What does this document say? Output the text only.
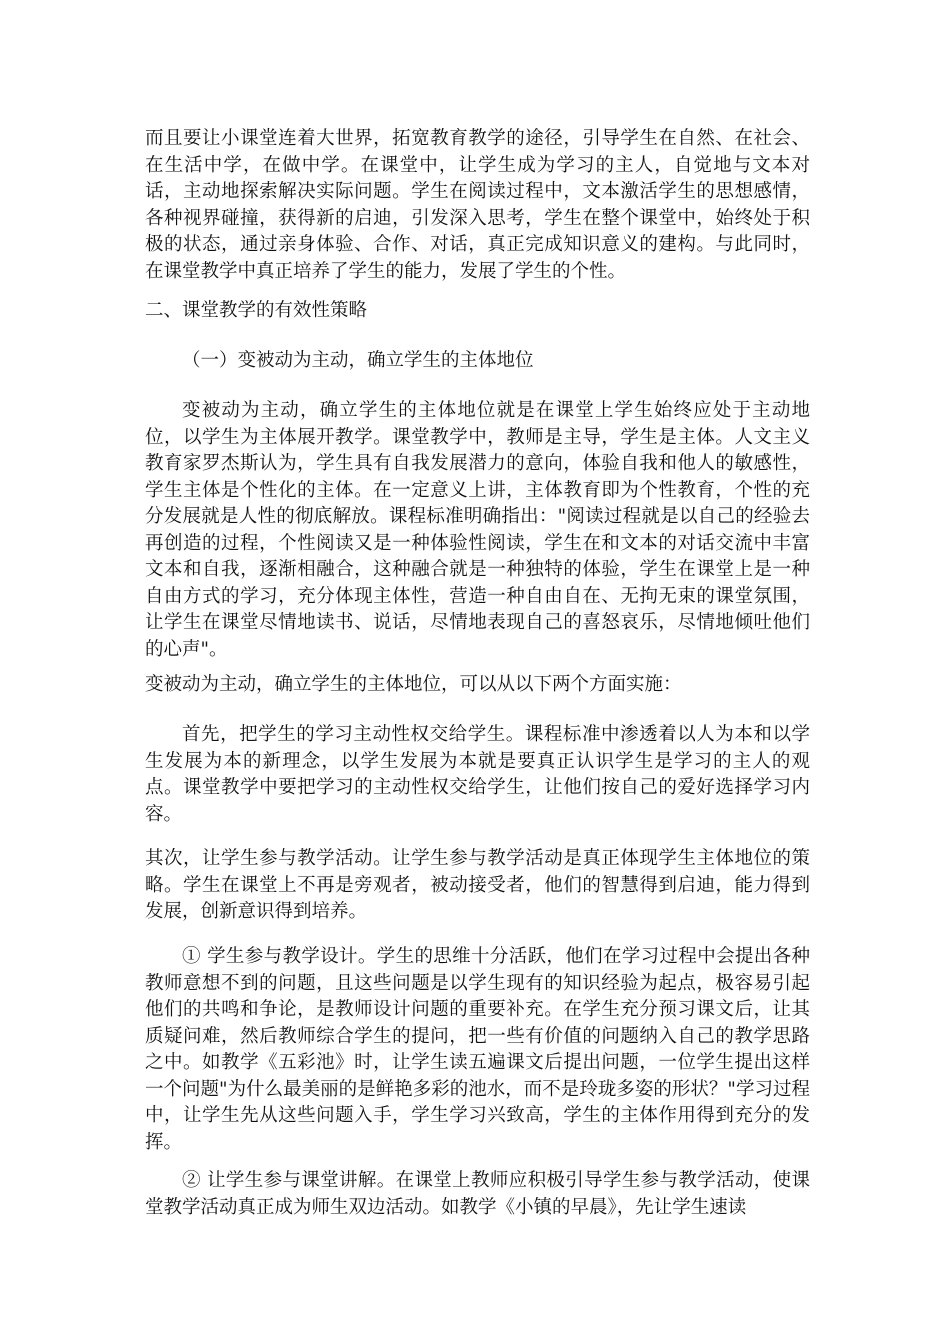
而且要让小课堂连着大世界，拓宽教育教学的途径，引导学生在自然、在社会、在生活中学，在做中学。在课堂中，让学生成为学习的主人，自觉地与文本对话，主动地探索解决实际问题。学生在阅读过程中，文本激活学生的思想感情，各种视界碰撞，获得新的启迪，引发深入思考，学生在整个课堂中，始终处于积极的状态，通过亲身体验、合作、对话，真正完成知识意义的建构。与此同时，在课堂教学中真正培养了学生的能力，发展了学生的个性。

二、课堂教学的有效性策略

（一）变被动为主动，确立学生的主体地位

变被动为主动，确立学生的主体地位就是在课堂上学生始终应处于主动地位，以学生为主体展开教学。课堂教学中，教师是主导，学生是主体。人文主义教育家罗杰斯认为，学生具有自我发展潜力的意向，体验自我和他人的敏感性，学生主体是个性化的主体。在一定意义上讲，主体教育即为个性教育，个性的充分发展就是人性的彻底解放。课程标准明确指出："阅读过程就是以自己的经验去再创造的过程，个性阅读又是一种体验性阅读，学生在和文本的对话交流中丰富文本和自我，逐渐相融合，这种融合就是一种独特的体验，学生在课堂上是一种自由方式的学习，充分体现主体性，营造一种自由自在、无拘无束的课堂氛围，让学生在课堂尽情地读书、说话，尽情地表现自己的喜怒哀乐，尽情地倾吐他们的心声"。

变被动为主动，确立学生的主体地位，可以从以下两个方面实施：

首先，把学生的学习主动性权交给学生。课程标准中渗透着以人为本和以学生发展为本的新理念，以学生发展为本就是要真正认识学生是学习的主人的观点。课堂教学中要把学习的主动性权交给学生，让他们按自己的爱好选择学习内容。

其次，让学生参与教学活动。让学生参与教学活动是真正体现学生主体地位的策略。学生在课堂上不再是旁观者，被动接受者，他们的智慧得到启迪，能力得到发展，创新意识得到培养。

① 学生参与教学设计。学生的思维十分活跃，他们在学习过程中会提出各种教师意想不到的问题，且这些问题是以学生现有的知识经验为起点，极容易引起他们的共鸣和争论，是教师设计问题的重要补充。在学生充分预习课文后，让其质疑问难，然后教师综合学生的提问，把一些有价值的问题纳入自己的教学思路之中。如教学《五彩池》时，让学生读五遍课文后提出问题，一位学生提出这样一个问题"为什么最美丽的是鲜艳多彩的池水，而不是玲珑多姿的形状？"学习过程中，让学生先从这些问题入手，学生学习兴致高，学生的主体作用得到充分的发挥。

② 让学生参与课堂讲解。在课堂上教师应积极引导学生参与教学活动，使课堂教学活动真正成为师生双边活动。如教学《小镇的早晨》，先让学生速读
